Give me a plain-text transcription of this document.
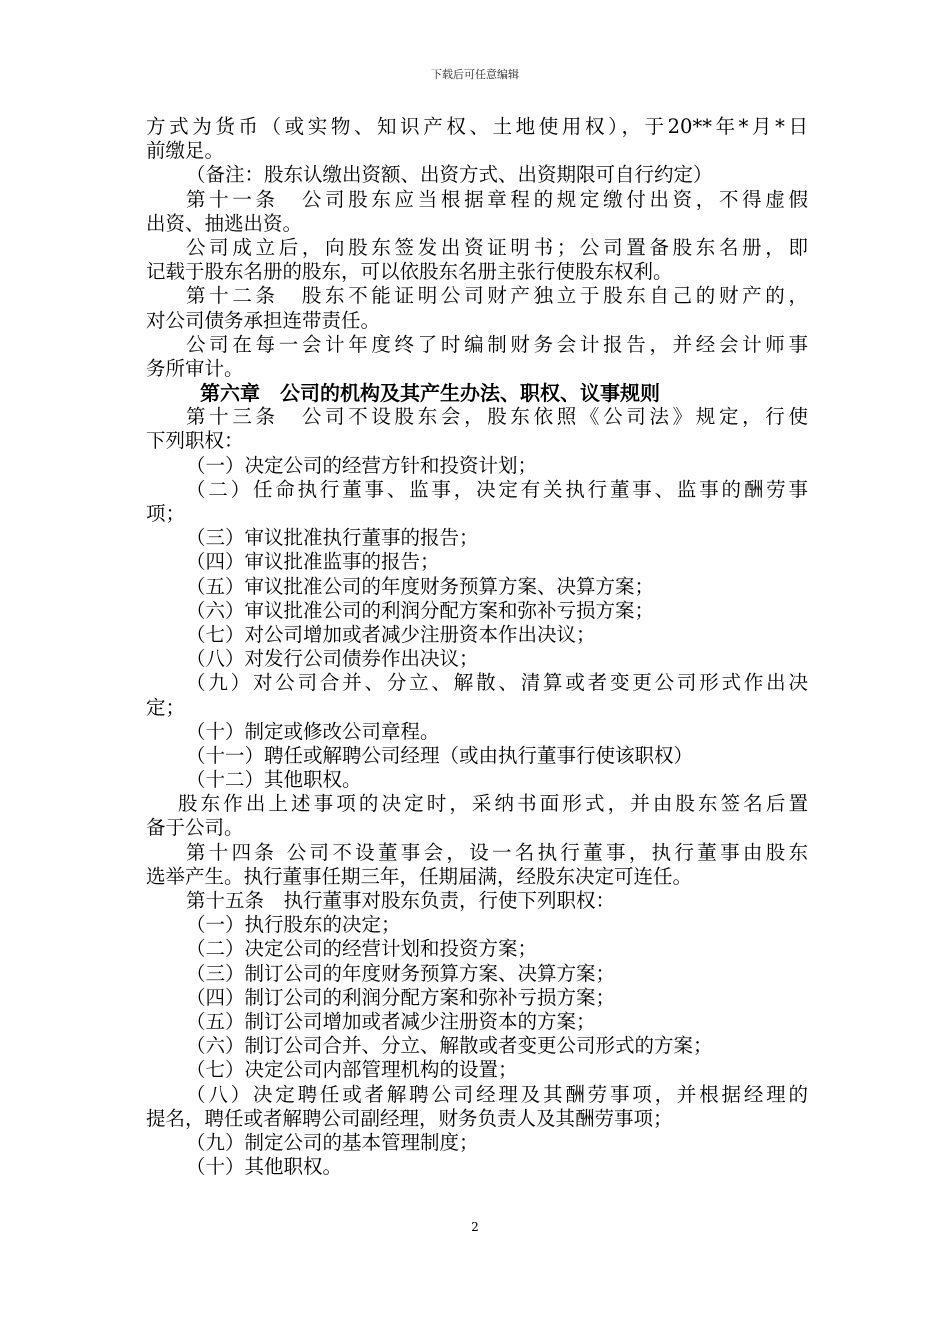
下载后可任意编辑
方式为货币（或实物、知识产权、土地使用权），于20**年*月*日
前缴足。
（备注：股东认缴出资额、出资方式、出资期限可自行约定）
第十一条　公司股东应当根据章程的规定缴付出资，不得虚假
出资、抽逃出资。
公司成立后，向股东签发出资证明书；公司置备股东名册，即
记载于股东名册的股东，可以依股东名册主张行使股东权利。
第十二条　股东不能证明公司财产独立于股东自己的财产的，
对公司债务承担连带责任。
公司在每一会计年度终了时编制财务会计报告，并经会计师事
务所审计。
第六章　公司的机构及其产生办法、职权、议事规则
第十三条　公司不设股东会，股东依照《公司法》规定，行使
下列职权：
（一）决定公司的经营方针和投资计划；
（二）任命执行董事、监事，决定有关执行董事、监事的酬劳事
项；
（三）审议批准执行董事的报告；
（四）审议批准监事的报告；
（五）审议批准公司的年度财务预算方案、决算方案；
（六）审议批准公司的利润分配方案和弥补亏损方案；
（七）对公司增加或者减少注册资本作出决议；
（八）对发行公司债券作出决议；
（九）对公司合并、分立、解散、清算或者变更公司形式作出决
定；
（十）制定或修改公司章程。
（十一）聘任或解聘公司经理（或由执行董事行使该职权）
（十二）其他职权。
股东作出上述事项的决定时，采纳书面形式，并由股东签名后置
备于公司。
第十四条 公司不设董事会，设一名执行董事，执行董事由股东
选举产生。执行董事任期三年，任期届满，经股东决定可连任。
第十五条　执行董事对股东负责，行使下列职权：
（一）执行股东的决定；
（二）决定公司的经营计划和投资方案；
（三）制订公司的年度财务预算方案、决算方案；
（四）制订公司的利润分配方案和弥补亏损方案；
（五）制订公司增加或者减少注册资本的方案；
（六）制订公司合并、分立、解散或者变更公司形式的方案；
（七）决定公司内部管理机构的设置；
（八）决定聘任或者解聘公司经理及其酬劳事项，并根据经理的
提名，聘任或者解聘公司副经理，财务负责人及其酬劳事项；
（九）制定公司的基本管理制度；
（十）其他职权。
2
